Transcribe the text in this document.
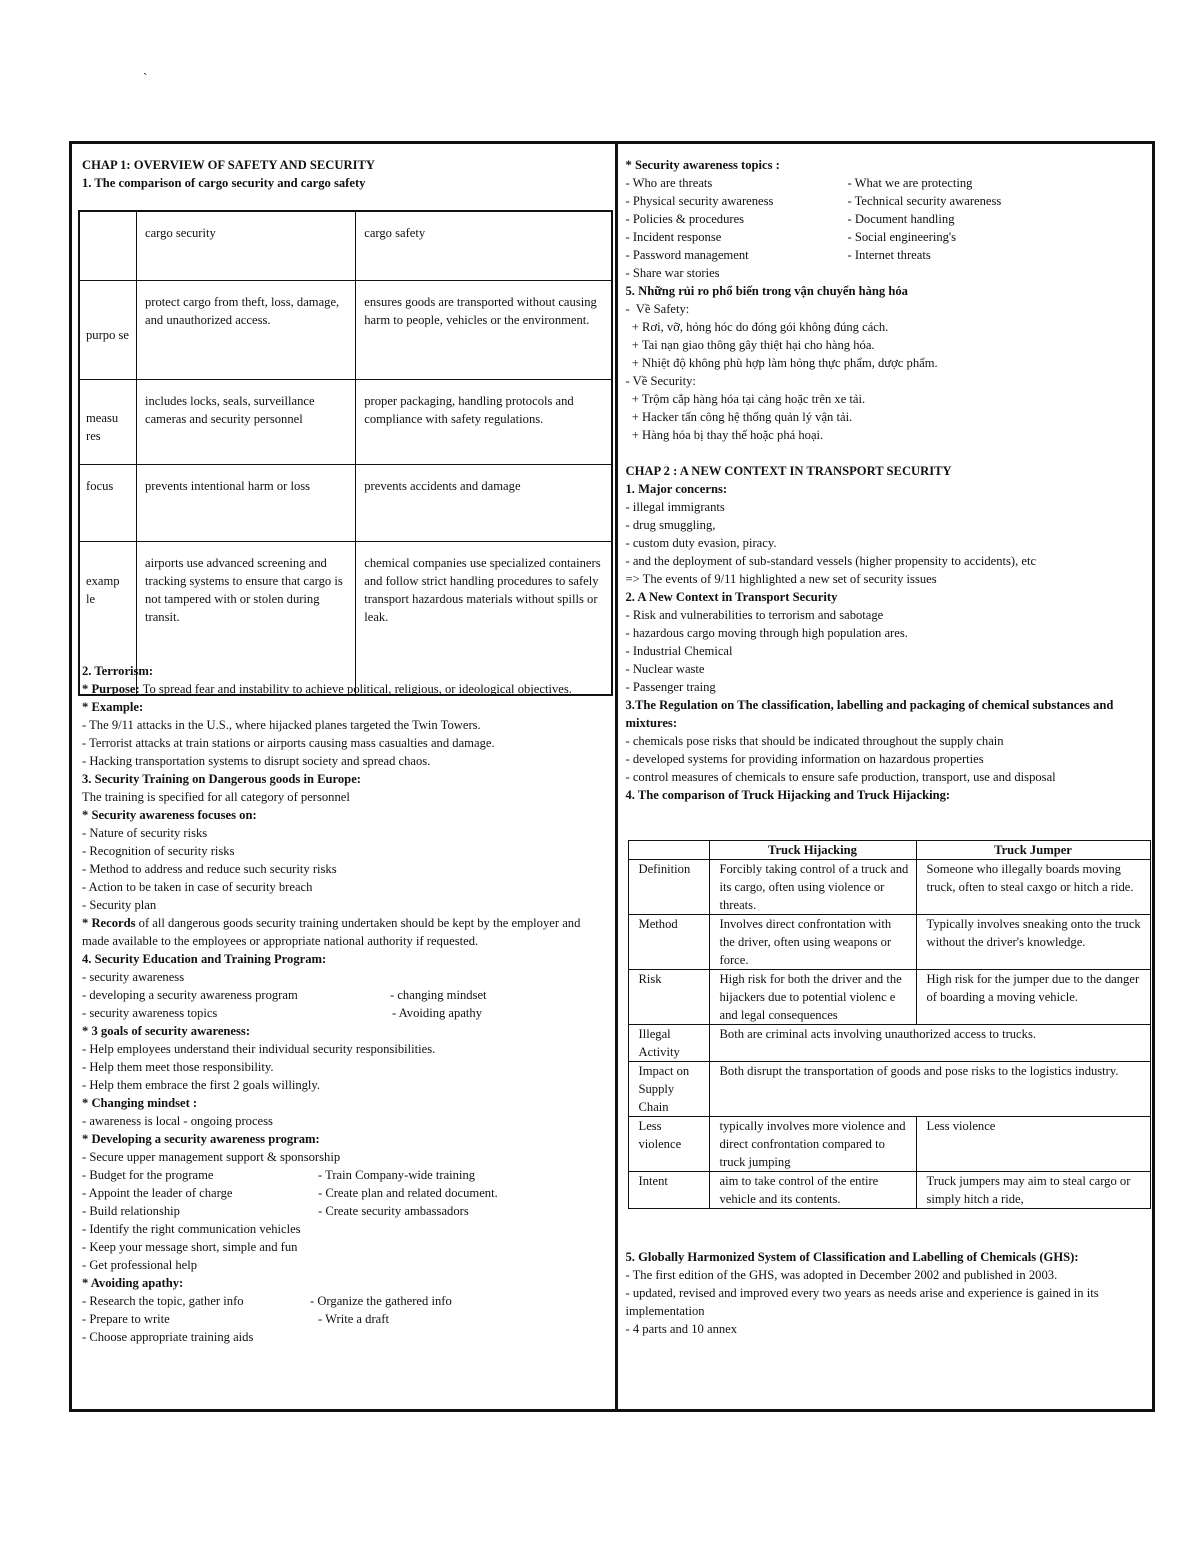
`
CHAP 1: OVERVIEW OF SAFETY AND SECURITY
1. The comparison of cargo security and cargo safety
	cargo security	cargo safety
purpo se	protect cargo from theft, loss, damage, and unauthorized access.	ensures goods are transported without causing harm to people, vehicles or the environment.
measu res	includes locks, seals, surveillance cameras and security personnel	proper packaging, handling protocols and compliance with safety regulations.
focus	prevents intentional harm or loss	prevents accidents and damage
examp le	airports use advanced screening and tracking systems to ensure that cargo is not tampered with or stolen during transit.	chemical companies use specialized containers and follow strict handling procedures to safely transport hazardous materials without spills or leak.
2. Terrorism:
* Purpose: To spread fear and instability to achieve political, religious, or ideological objectives.
* Example:
- The 9/11 attacks in the U.S., where hijacked planes targeted the Twin Towers.
- Terrorist attacks at train stations or airports causing mass casualties and damage.
- Hacking transportation systems to disrupt society and spread chaos.
3. Security Training on Dangerous goods in Europe:
The training is specified for all category of personnel
* Security awareness focuses on:
- Nature of security risks
- Recognition of security risks
- Method to address and reduce such security risks
- Action to be taken in case of security breach
- Security plan
* Records of all dangerous goods security training undertaken should be kept by the employer and made available to the employees or appropriate national authority if requested.
4. Security Education and Training Program:
- security awareness
- developing a security awareness program	- changing mindset
- security awareness topics	- Avoiding apathy
* 3 goals of security awareness:
- Help employees understand their individual security responsibilities.
- Help them meet those responsibility.
- Help them embrace the first 2 goals willingly.
* Changing mindset :
- awareness is local - ongoing process
* Developing a security awareness program:
- Secure upper management support & sponsorship
- Budget for the programe	- Train Company-wide training
- Appoint the leader of charge	- Create plan and related document.
- Build relationship	- Create security ambassadors
- Identify the right communication vehicles
- Keep your message short, simple and fun
- Get professional help
* Avoiding apathy:
- Research the topic, gather info	- Organize the gathered info
- Prepare to write	- Write a draft
- Choose appropriate training aids
* Security awareness topics :
- Who are threats	- What we are protecting
- Physical security awareness	- Technical security awareness
- Policies & procedures	- Document handling
- Incident response	- Social engineering's
- Password management	- Internet threats
- Share war stories
5. Những rủi ro phổ biến trong vận chuyển hàng hóa
-  Về Safety:
+ Rơi, vỡ, hỏng hóc do đóng gói không đúng cách.
+ Tai nạn giao thông gây thiệt hại cho hàng hóa.
+ Nhiệt độ không phù hợp làm hỏng thực phẩm, dược phẩm.
- Về Security:
+ Trộm cắp hàng hóa tại cảng hoặc trên xe tải.
+ Hacker tấn công hệ thống quản lý vận tải.
+ Hàng hóa bị thay thế hoặc phá hoại.
CHAP 2 : A NEW CONTEXT IN TRANSPORT SECURITY
1. Major concerns:
- illegal immigrants
- drug smuggling,
- custom duty evasion, piracy.
- and the deployment of sub-standard vessels (higher propensity to accidents), etc
=> The events of 9/11 highlighted a new set of security issues
2. A New Context in Transport Security
- Risk and vulnerabilities to terrorism and sabotage
- hazardous cargo moving through high population ares.
- Industrial Chemical
- Nuclear waste
- Passenger traing
3.The Regulation on The classification, labelling and packaging of chemical substances and mixtures:
- chemicals pose risks that should be indicated throughout the supply chain
- developed systems for providing information on hazardous properties
- control measures of chemicals to ensure safe production, transport, use and disposal
4. The comparison of Truck Hijacking and Truck Hijacking:
	Truck Hijacking	Truck Jumper
Definition	Forcibly taking control of a truck and its cargo, often using violence or threats.	Someone who illegally boards moving truck, often to steal caxgo or hitch a ride.
Method	Involves direct confrontation with the driver, often using weapons or force.	Typically involves sneaking onto the truck without the driver's knowledge.
Risk	High risk for both the driver and the hijackers due to potential violenc e and legal consequences	High risk for the jumper due to the danger of boarding a moving vehicle.
Illegal Activity	Both are criminal acts involving unauthorized access to trucks.	
Impact on Supply Chain	Both disrupt the transportation of goods and pose risks to the logistics industry.	
Less violence	typically involves more violence and direct confrontation compared to truck jumping	Less violence
Intent	aim to take control of the entire vehicle and its contents.	Truck jumpers may aim to steal cargo or simply hitch a ride,
5. Globally Harmonized System of Classification and Labelling of Chemicals (GHS):
- The first edition of the GHS, was adopted in December 2002 and published in 2003.
- updated, revised and improved every two years as needs arise and experience is gained in its implementation
- 4 parts and 10 annex
